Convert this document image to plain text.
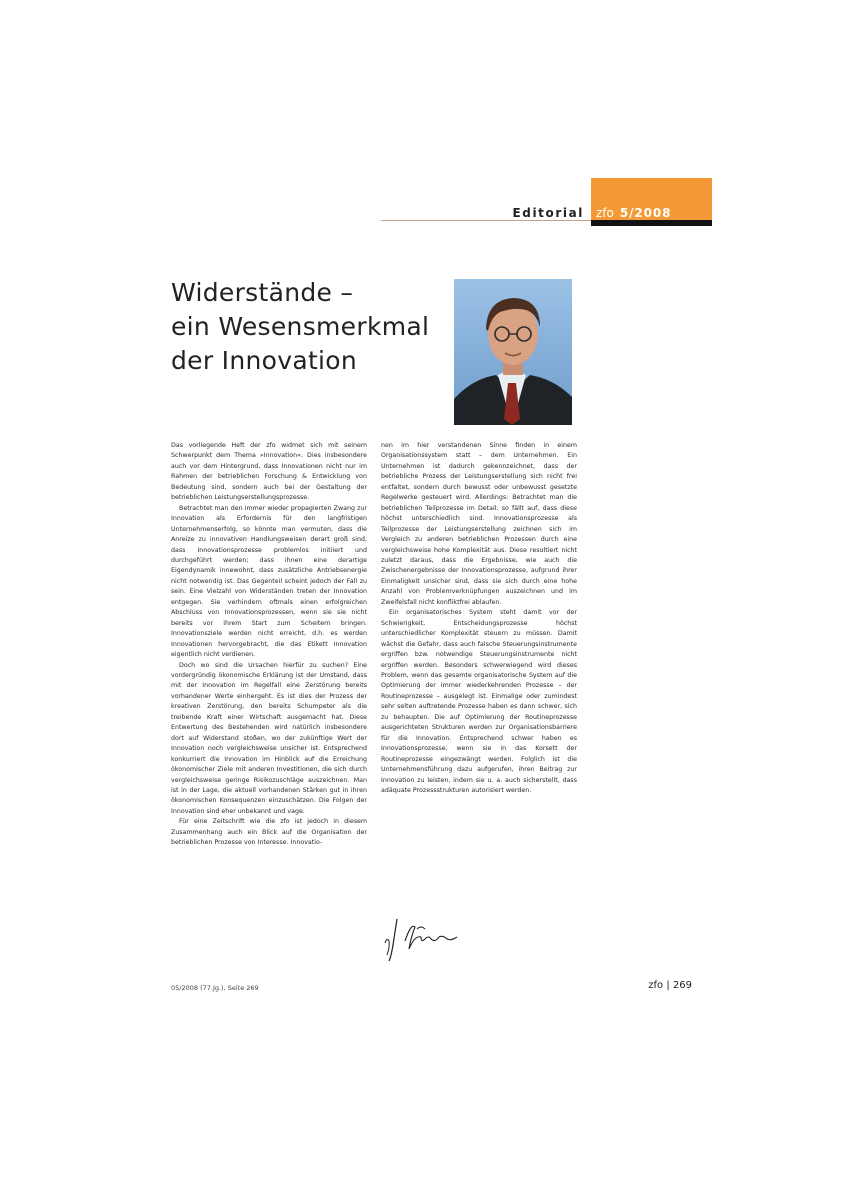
Editorial zfo 5/2008
Widerstände –
ein Wesensmerkmal
der Innovation

Das vorliegende Heft der zfo widmet sich mit seinem Schwerpunkt dem Thema »Innovation«. Dies insbesondere auch vor dem Hintergrund, dass Innovationen nicht nur im Rahmen der betrieblichen Forschung & Entwicklung von Bedeutung sind, sondern auch bei der Gestaltung der betrieblichen Leistungserstellungsprozesse.

Betrachtet man den immer wieder propagierten Zwang zur Innovation als Erfordernis für den langfristigen Unternehmenserfolg, so könnte man vermuten, dass die Anreize zu innovativen Handlungsweisen derart groß sind, dass Innovationsprozesse problemlos initiiert und durchgeführt werden; dass ihnen eine derartige Eigendynamik innewohnt, dass zusätzliche Antriebsenergie nicht notwendig ist. Das Gegenteil scheint jedoch der Fall zu sein. Eine Vielzahl von Widerständen treten der Innovation entgegen. Sie verhindern oftmals einen erfolgreichen Abschluss von Innovationsprozessen, wenn sie sie nicht bereits vor ihrem Start zum Scheitern bringen. Innovationsziele werden nicht erreicht, d.h. es werden Innovationen hervorgebracht, die das Etikett Innovation eigentlich nicht verdienen.

Doch wo sind die Ursachen hierfür zu suchen? Eine vordergründig ökonomische Erklärung ist der Umstand, dass mit der Innovation im Regelfall eine Zerstörung bereits vorhandener Werte einhergeht. Es ist dies der Prozess der kreativen Zerstörung, den bereits Schumpeter als die treibende Kraft einer Wirtschaft ausgemacht hat. Diese Entwertung des Bestehenden wird natürlich insbesondere dort auf Widerstand stoßen, wo der zukünftige Wert der Innovation noch vergleichsweise unsicher ist. Entsprechend konkurriert die Innovation im Hinblick auf die Erreichung ökonomischer Ziele mit anderen Investitionen, die sich durch vergleichsweise geringe Risikozuschläge auszeichnen. Man ist in der Lage, die aktuell vorhandenen Stärken gut in ihren ökonomischen Konsequenzen einzuschätzen. Die Folgen der Innovation sind eher unbekannt und vage.

Für eine Zeitschrift wie die zfo ist jedoch in diesem Zusammenhang auch ein Blick auf die Organisation der betrieblichen Prozesse von Interesse. Innovatio-

nen im hier verstandenen Sinne finden in einem Organisationssystem statt – dem Unternehmen. Ein Unternehmen ist dadurch gekennzeichnet, dass der betriebliche Prozess der Leistungserstellung sich nicht frei entfaltet, sondern durch bewusst oder unbewusst gesetzte Regelwerke gesteuert wird. Allerdings: Betrachtet man die betrieblichen Teilprozesse im Detail, so fällt auf, dass diese höchst unterschiedlich sind. Innovationsprozesse als Teilprozesse der Leistungserstellung zeichnen sich im Vergleich zu anderen betrieblichen Prozessen durch eine vergleichsweise hohe Komplexität aus. Diese resultiert nicht zuletzt daraus, dass die Ergebnisse, wie auch die Zwischenergebnisse der Innovationsprozesse, aufgrund ihrer Einmaligkeit unsicher sind, dass sie sich durch eine hohe Anzahl von Problemverknüpfungen auszeichnen und im Zweifelsfall nicht konfliktfrei ablaufen.

Ein organisatorisches System steht damit vor der Schwierigkeit, Entscheidungsprozesse höchst unterschiedlicher Komplexität steuern zu müssen. Damit wächst die Gefahr, dass auch falsche Steuerungsinstrumente ergriffen bzw. notwendige Steuerungsinstrumente nicht ergriffen werden. Besonders schwerwiegend wird dieses Problem, wenn das gesamte organisatorische System auf die Optimierung der immer wiederkehrenden Prozesse – der Routineprozesse – ausgelegt ist. Einmalige oder zumindest sehr selten auftretende Prozesse haben es dann schwer, sich zu behaupten. Die auf Optimierung der Routineprozesse ausgerichteten Strukturen werden zur Organisationsbarriere für die Innovation. Entsprechend schwer haben es Innovationsprozesse, wenn sie in das Korsett der Routineprozesse eingezwängt werden. Folglich ist die Unternehmensführung dazu aufgerufen, ihren Beitrag zur Innovation zu leisten, indem sie u. a. auch sicherstellt, dass adäquate Prozessstrukturen autorisiert werden.

05/2008 (77.Jg.), Seite 269	zfo | 269
